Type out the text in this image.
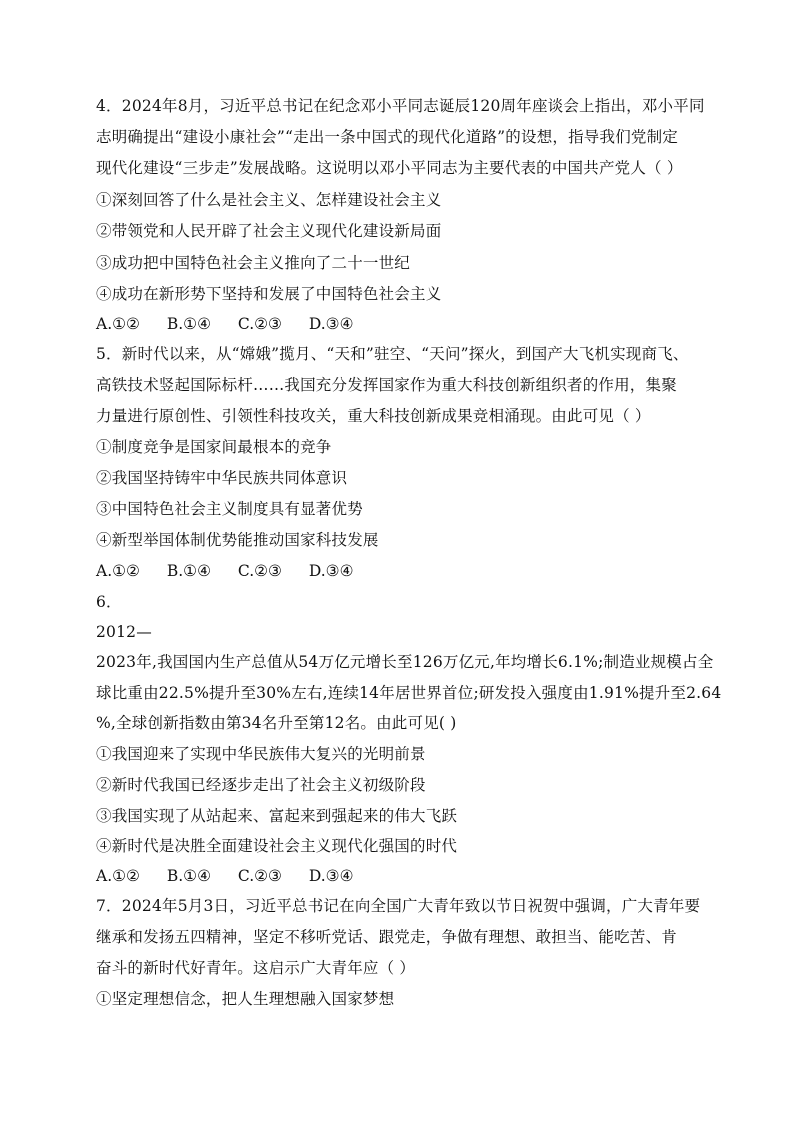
4．2024年8月，习近平总书记在纪念邓小平同志诞辰120周年座谈会上指出，邓小平同
志明确提出“建设小康社会”“走出一条中国式的现代化道路”的设想，指导我们党制定
现代化建设“三步走”发展战略。这说明以邓小平同志为主要代表的中国共产党人（ ）
①深刻回答了什么是社会主义、怎样建设社会主义
②带领党和人民开辟了社会主义现代化建设新局面
③成功把中国特色社会主义推向了二十一世纪
④成功在新形势下坚持和发展了中国特色社会主义
A.①② B.①④ C.②③ D.③④
5．新时代以来，从“嫦娥”揽月、“天和”驻空、“天问”探火，到国产大飞机实现商飞、
高铁技术竖起国际标杆……我国充分发挥国家作为重大科技创新组织者的作用，集聚
力量进行原创性、引领性科技攻关，重大科技创新成果竞相涌现。由此可见（ ）
①制度竞争是国家间最根本的竞争
②我国坚持铸牢中华民族共同体意识
③中国特色社会主义制度具有显著优势
④新型举国体制优势能推动国家科技发展
A.①② B.①④ C.②③ D.③④
6．
2012—
2023年,我国国内生产总值从54万亿元增长至126万亿元,年均增长6.1%;制造业规模占全
球比重由22.5%提升至30%左右,连续14年居世界首位;研发投入强度由1.91%提升至2.64
%,全球创新指数由第34名升至第12名。由此可见( )
①我国迎来了实现中华民族伟大复兴的光明前景
②新时代我国已经逐步走出了社会主义初级阶段
③我国实现了从站起来、富起来到强起来的伟大飞跃
④新时代是决胜全面建设社会主义现代化强国的时代
A.①② B.①④ C.②③ D.③④
7．2024年5月3日，习近平总书记在向全国广大青年致以节日祝贺中强调，广大青年要
继承和发扬五四精神，坚定不移听党话、跟党走，争做有理想、敢担当、能吃苦、肯
奋斗的新时代好青年。这启示广大青年应（ ）
①坚定理想信念，把人生理想融入国家梦想
